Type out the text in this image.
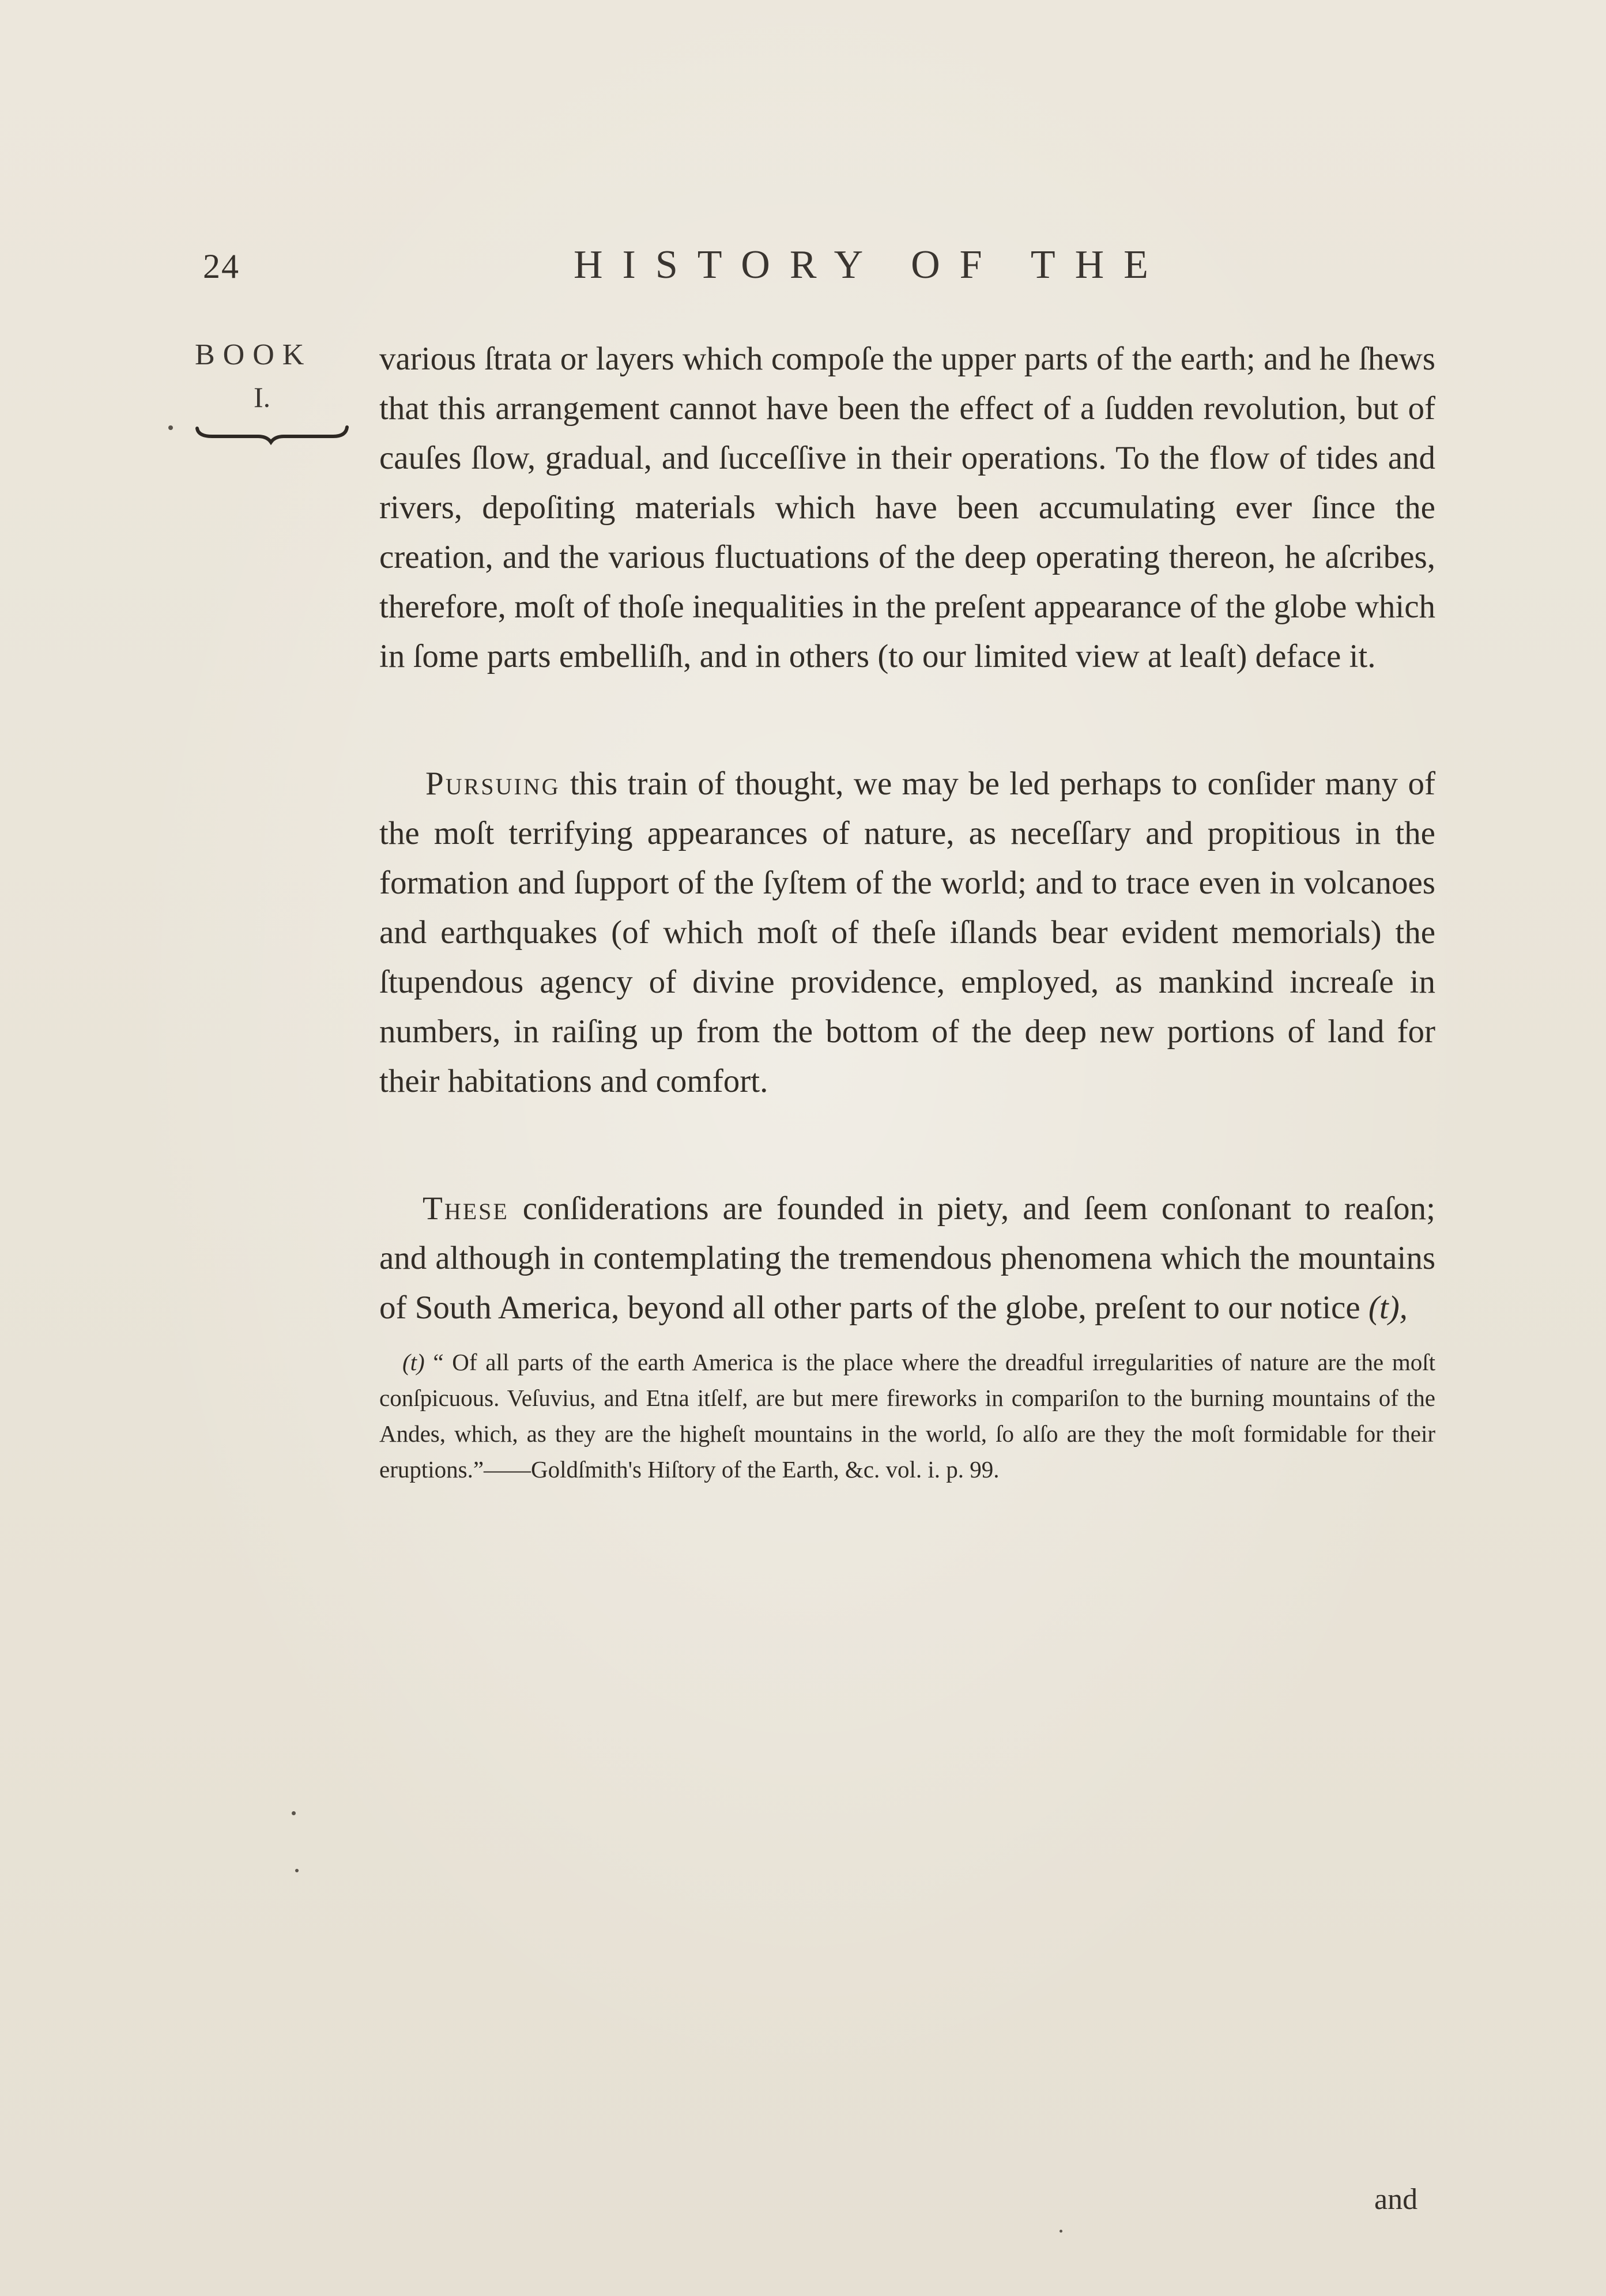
24	HISTORY OF THE
BOOK
I.

various ſtrata or layers which compoſe the upper parts of the earth; and he ſhews that this arrangement cannot have been the effect of a ſudden revolution, but of cauſes ſlow, gradual, and ſucceſſive in their operations. To the flow of tides and rivers, depoſiting materials which have been accumulating ever ſince the creation, and the various fluctuations of the deep operating thereon, he aſcribes, therefore, moſt of thoſe inequalities in the preſent appearance of the globe which in ſome parts embelliſh, and in others (to our limited view at leaſt) deface it.

Pursuing this train of thought, we may be led perhaps to conſider many of the moſt terrifying appearances of nature, as neceſſary and propitious in the formation and ſupport of the ſyſtem of the world; and to trace even in volcanoes and earthquakes (of which moſt of theſe iſlands bear evident memorials) the ſtupendous agency of divine providence, employed, as mankind increaſe in numbers, in raiſing up from the bottom of the deep new portions of land for their habitations and comfort.

These conſiderations are founded in piety, and ſeem conſonant to reaſon; and although in contemplating the tremendous phenomena which the mountains of South America, beyond all other parts of the globe, preſent to our notice (t),

(t) “ Of all parts of the earth America is the place where the dreadful irregularities of nature are the moſt conſpicuous. Veſuvius, and Etna itſelf, are but mere fireworks in compariſon to the burning mountains of the Andes, which, as they are the higheſt mountains in the world, ſo alſo are they the moſt formidable for their eruptions.”——Goldſmith's Hiſtory of the Earth, &c. vol. i. p. 99.

and
